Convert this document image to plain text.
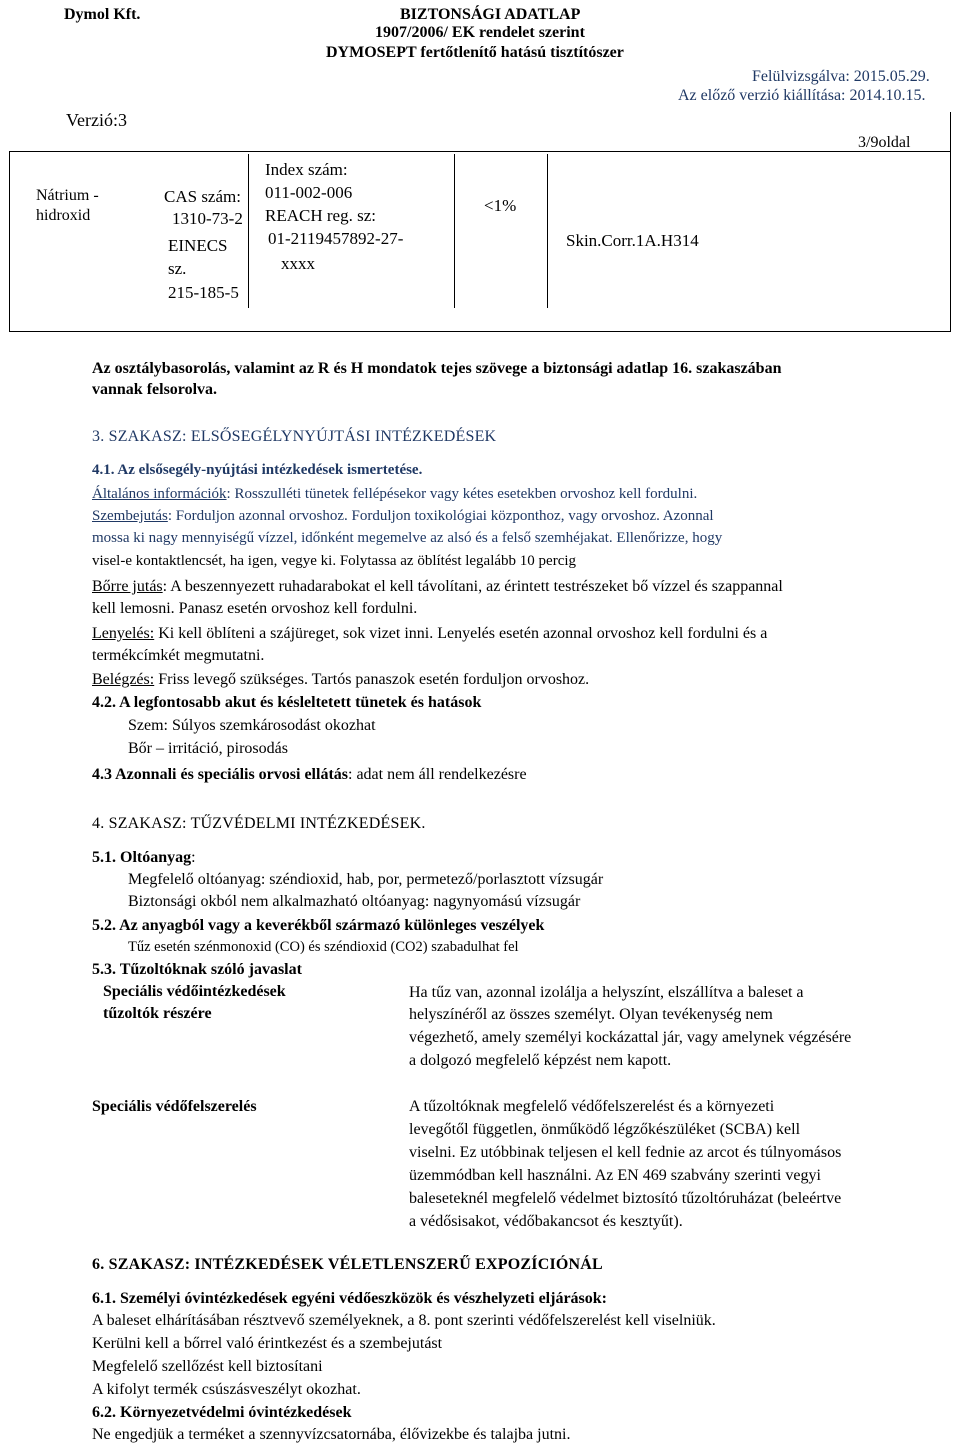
Dymol Kft.	BIZTONSÁGI ADATLAP
1907/2006/ EK rendelet szerint
DYMOSEPT fertőtlenítő hatású tisztítószer
Felülvizsgálva: 2015.05.29.
Az előző verzió kiállítása: 2014.10.15.
Verzió:3
3/9oldal
Nátrium -
hidroxid
CAS szám:
1310-73-2
EINECS
sz.
215-185-5
Index szám:
011-002-006
REACH reg. sz:
01-2119457892-27-
xxxx
<1%
Skin.Corr.1A.H314
Az osztálybasorolás, valamint az R és H mondatok tejes szövege a biztonsági adatlap 16. szakaszában
vannak felsorolva.
3. SZAKASZ: ELSŐSEGÉLYNYÚJTÁSI INTÉZKEDÉSEK
4.1. Az elsősegély-nyújtási intézkedések ismertetése.
Általános információk: Rosszulléti tünetek fellépésekor vagy kétes esetekben orvoshoz kell fordulni.
Szembejutás: Forduljon azonnal orvoshoz. Forduljon toxikológiai központhoz, vagy orvoshoz. Azonnal
mossa ki nagy mennyiségű vízzel, időnként megemelve az alsó és a felső szemhéjakat. Ellenőrizze, hogy
visel-e kontaktlencsét, ha igen, vegye ki. Folytassa az öblítést legalább 10 percig
Bőrre jutás: A beszennyezett ruhadarabokat el kell távolítani, az érintett testrészeket bő vízzel és szappannal
kell lemosni. Panasz esetén orvoshoz kell fordulni.
Lenyelés: Ki kell öblíteni a szájüreget, sok vizet inni. Lenyelés esetén azonnal orvoshoz kell fordulni és a
termékcímkét megmutatni.
Belégzés: Friss levegő szükséges. Tartós panaszok esetén forduljon orvoshoz.
4.2. A legfontosabb akut és késleltetett tünetek és hatások
Szem: Súlyos szemkárosodást okozhat
Bőr – irritáció, pirosodás
4.3 Azonnali és speciális orvosi ellátás: adat nem áll rendelkezésre
4. SZAKASZ: TŰZVÉDELMI INTÉZKEDÉSEK.
5.1. Oltóanyag:
Megfelelő oltóanyag: széndioxid, hab, por, permetező/porlasztott vízsugár
Biztonsági okból nem alkalmazható oltóanyag: nagynyomású vízsugár
5.2. Az anyagból vagy a keverékből származó különleges veszélyek
Tűz esetén szénmonoxid (CO) és széndioxid (CO2) szabadulhat fel
5.3. Tűzoltóknak szóló javaslat
Speciális védőintézkedések
tűzoltók részére
Ha tűz van, azonnal izolálja a helyszínt, elszállítva a baleset a
helyszínéről az összes személyt. Olyan tevékenység nem
végezhető, amely személyi kockázattal jár, vagy amelynek végzésére
a dolgozó megfelelő képzést nem kapott.
Speciális védőfelszerelés	A tűzoltóknak megfelelő védőfelszerelést és a környezeti
levegőtől független, önműködő légzőkészüléket (SCBA) kell
viselni. Ez utóbbinak teljesen el kell fednie az arcot és túlnyomásos
üzemmódban kell használni. Az EN 469 szabvány szerinti vegyi
baleseteknél megfelelő védelmet biztosító tűzoltóruházat (beleértve
a védősisakot, védőbakancsot és kesztyűt).
6. SZAKASZ: INTÉZKEDÉSEK VÉLETLENSZERŰ EXPOZÍCIÓNÁL
6.1. Személyi óvintézkedések egyéni védőeszközök és vészhelyzeti eljárások:
A baleset elhárításában résztvevő személyeknek, a 8. pont szerinti védőfelszerelést kell viselniük.
Kerülni kell a bőrrel való érintkezést és a szembejutást
Megfelelő szellőzést kell biztosítani
A kifolyt termék csúszásveszélyt okozhat.
6.2. Környezetvédelmi óvintézkedések
Ne engedjük a terméket a szennyvízcsatornába, élővizekbe és talajba jutni.
